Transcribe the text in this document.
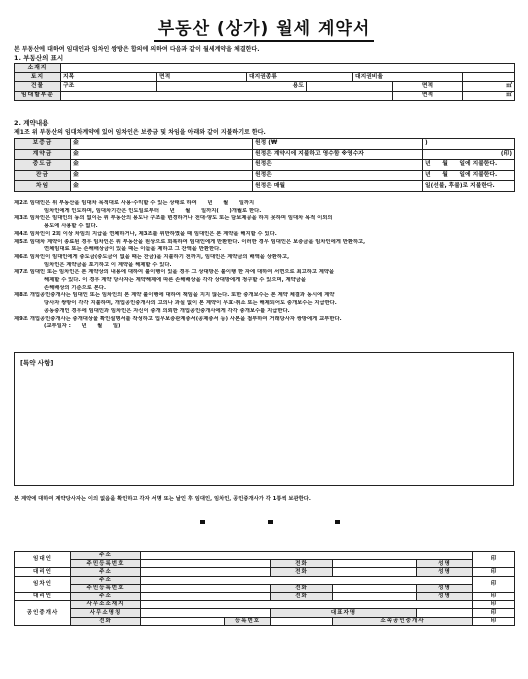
부동산 (상가) 월세 계약서
본 부동산에 대하여 임대인과 임차인 쌍방은 합의에 의하여 다음과 같이 월세계약을 체결한다.
1. 부동산의 표시
소재지							
토지	지목	면적	대지권종류		대지권비율		
건물	구조	용도				면적	㎡
임대할부분						면적	㎡
2. 계약내용
제1조 위 부동산의 임대차계약에 있어 임차인은 보증금 및 차임을 아래와 같이 지불하기로 한다.
보증금	金	원정 (₩	)
계약금	金	원정은 계약시에 지불하고 영수함 ※영수자	(印)
중도금	金	원정은	년　　월　　일에 지불한다.
잔금	金	원정은	년　　월　　일에 지불한다.
차임	金	원정은 매월	일(선불, 후불)로 지불한다.
제2조 임대인은 위 부동산을 임대차 목적대로 사용·수익할 수 있는 상태로 하여　　년　　월　　일까지
임차인에게 인도하며, 임대차기간은 인도일로부터　　년　　월　　일까지(　　)개월로 한다.
제3조 임차인은 임대인의 동의 없이는 위 부동산의 용도나 구조를 변경하거나 전대·양도 또는 담보제공을 하지 못하며 임대차 목적 이외의
용도에 사용할 수 없다.
제4조 임차인이 2회 이상 차임의 지급을 연체하거나, 제3조를 위반하였을 때 임대인은 본 계약을 해지할 수 있다.
제5조 임대차 계약이 종료된 경우 임차인은 위 부동산을 원상으로 회복하여 임대인에게 반환한다. 이러한 경우 임대인은 보증금을 임차인에게 반환하고,
연체임대료 또는 손해배상금이 있을 때는 이들을 제하고 그 잔액을 반환한다.
제6조 임차인이 임대인에게 중도금(중도금이 없을 때는 잔금)을 지불하기 전까지, 임대인은 계약금의 배액을 상환하고,
임차인은 계약금을 포기하고 이 계약을 해제할 수 있다.
제7조 임대인 또는 임차인은 본 계약상의 내용에 대하여 불이행이 있을 경우 그 상대방은 불이행 한 자에 대하여 서면으로 최고하고 계약을
해제할 수 있다. 이 경우 계약 당사자는 계약해제에 따른 손해배상을 각각 상대방에게 청구할 수 있으며, 계약금을
손해배상의 기준으로 본다.
제8조 개업공인중개사는 임대인 또는 임차인의 본 계약 불이행에 대하여 책임을 지지 않는다. 또한 중개보수는 본 계약 체결과 동시에 계약
당사자 쌍방이 각각 지불하며, 개업공인중개사의 고의나 과실 없이 본 계약이 무효·취소 또는 해제되어도 중개보수는 지급한다.
공동중개인 경우에 임대인과 임차인은 자신이 중개 의뢰한 개업공인중개사에게 각각 중개보수를 지급한다.
제9조 개업공인중개사는 중개대상물 확인설명서를 작성하고 업무보증관계증서(공제증서 등) 사본을 첨부하여 거래당사자 쌍방에게 교부한다.
(교부일자 :　　년　　월　　일)
[특약 사항]
본 계약에 대하여 계약당사자는 이의 없음을 확인하고 각자 서명 또는 날인 후 임대인, 임차인, 공인중개사가 각 1통씩 보관한다.
임대인	주소						印
	주민등록번호			전화		성명	
대리인	주소			전화		성명	印
임차인	주소						印
	주민등록번호			전화		성명	
대리인	주소			전화		성명	印
공인중개사	사무소소재지						印
	사무소명칭			대표자명			印
	전화		등록번호		소속공인중개사		印
